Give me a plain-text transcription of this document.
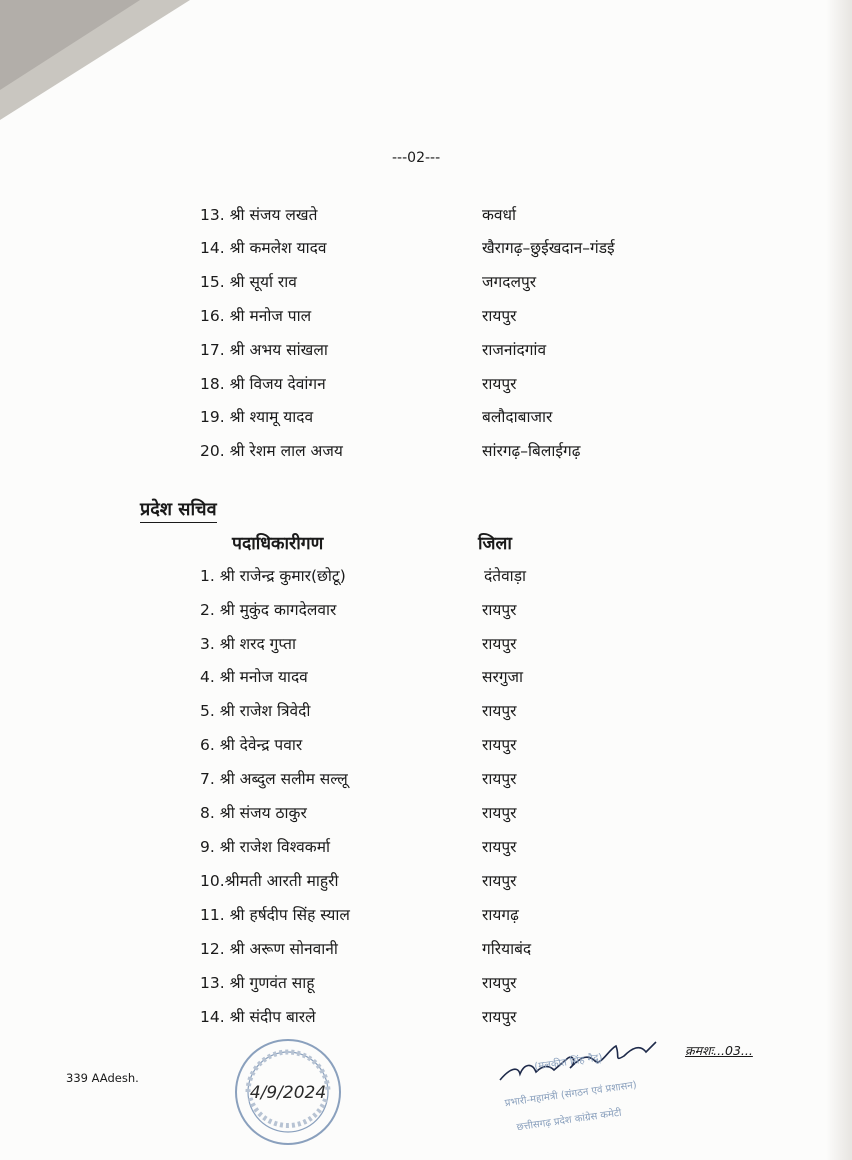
---02---
13. श्री संजय लखते	कवर्धा
14. श्री कमलेश यादव	खैरागढ़–छुईखदान–गंडई
15. श्री सूर्या राव	जगदलपुर
16. श्री मनोज पाल	रायपुर
17. श्री अभय सांखला	राजनांदगांव
18. श्री विजय देवांगन	रायपुर
19. श्री श्यामू यादव	बलौदाबाजार
20. श्री रेशम लाल अजय	सांरगढ़–बिलाईगढ़
प्रदेश सचिव
पदाधिकारीगण	जिला
1. श्री राजेन्द्र कुमार(छोटू)	दंतेवाड़ा
2. श्री मुकुंद कागदेलवार	रायपुर
3. श्री शरद गुप्ता	रायपुर
4. श्री मनोज यादव	सरगुजा
5. श्री राजेश त्रिवेदी	रायपुर
6. श्री देवेन्द्र पवार	रायपुर
7. श्री अब्दुल सलीम सल्लू	रायपुर
8. श्री संजय ठाकुर	रायपुर
9. श्री राजेश विश्वकर्मा	रायपुर
10.श्रीमती आरती माहुरी	रायपुर
11. श्री हर्षदीप सिंह स्याल	रायगढ़
12. श्री अरूण सोनवानी	गरियाबंद
13. श्री गुणवंत साहू	रायपुर
14. श्री संदीप बारले	रायपुर
339 AAdesh.
क्रमशः...03...
4/9/2024
(मलकीत सिंह गैदू)
प्रभारी-महामंत्री (संगठन एवं प्रशासन)
छत्तीसगढ़ प्रदेश कांग्रेस कमेटी
